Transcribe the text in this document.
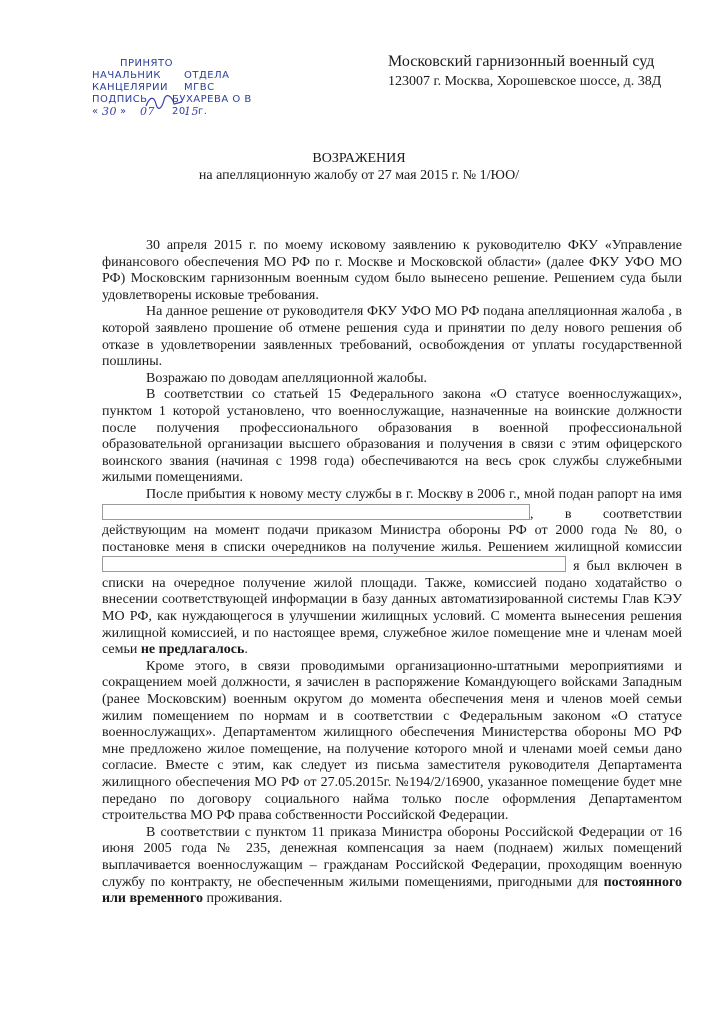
ПРИНЯТО
НАЧАЛЬНИК ОТДЕЛА
КАНЦЕЛЯРИИ МГВС
ПОДПИСЬ БУХАРЕВА О В
« 30 » 07 20
15 г.
Московский гарнизонный военный суд
123007 г. Москва, Хорошевское шоссе, д. 38Д
ВОЗРАЖЕНИЯ
на апелляционную жалобу от 27 мая 2015 г. № 1/ЮО/

30 апреля 2015 г. по моему исковому заявлению к руководителю ФКУ «Управление финансового обеспечения МО РФ по г. Москве и Московской области» (далее ФКУ УФО МО РФ) Московским гарнизонным военным судом было вынесено решение. Решением суда были удовлетворены исковые требования.

На данное решение от руководителя ФКУ УФО МО РФ подана апелляционная жалоба , в которой заявлено прошение об отмене решения суда и принятии по делу нового решения об отказе в удовлетворении заявленных требований, освобождения от уплаты государственной пошлины.

Возражаю по доводам апелляционной жалобы.

В соответствии со статьей 15 Федерального закона «О статусе военнослужащих», пунктом 1 которой установлено, что военнослужащие, назначенные на воинские должности после получения профессионального образования в военной профессиональной образовательной организации высшего образования и получения в связи с этим офицерского воинского звания (начиная с 1998 года) обеспечиваются на весь срок службы служебными жилыми помещениями.

После прибытия к новому месту службы в г. Москву в 2006 г., мной подан рапорт на имя , в соответствии действующим на момент подачи приказом Министра обороны РФ от 2000 года № 80, о постановке меня в списки очередников на получение жилья. Решением жилищной комиссии  я был включен в списки на очередное получение жилой площади. Также, комиссией подано ходатайство о внесении соответствующей информации в базу данных автоматизированной системы Глав КЭУ МО РФ, как нуждающегося в улучшении жилищных условий. С момента вынесения решения жилищной комиссией, и по настоящее время, служебное жилое помещение мне и членам моей семьи не предлагалось.

Кроме этого, в связи проводимыми организационно-штатными мероприятиями и сокращением моей должности, я зачислен в распоряжение Командующего войсками Западным (ранее Московским) военным округом до момента обеспечения меня и членов моей семьи жилим помещением по нормам и в соответствии с Федеральным законом «О статусе военнослужащих». Департаментом жилищного обеспечения Министерства обороны МО РФ мне предложено жилое помещение, на получение которого мной и членами моей семьи дано согласие. Вместе с этим, как следует из письма заместителя руководителя Департамента жилищного обеспечения МО РФ от 27.05.2015г. №194/2/16900, указанное помещение будет мне передано по договору социального найма только после оформления Департаментом строительства МО РФ права собственности Российской Федерации.

В соответствии с пунктом 11 приказа Министра обороны Российской Федерации от 16 июня 2005 года № 235, денежная компенсация за наем (поднаем) жилых помещений выплачивается военнослужащим – гражданам Российской Федерации, проходящим военную службу по контракту, не обеспеченным жилыми помещениями, пригодными для постоянного или временного проживания.
